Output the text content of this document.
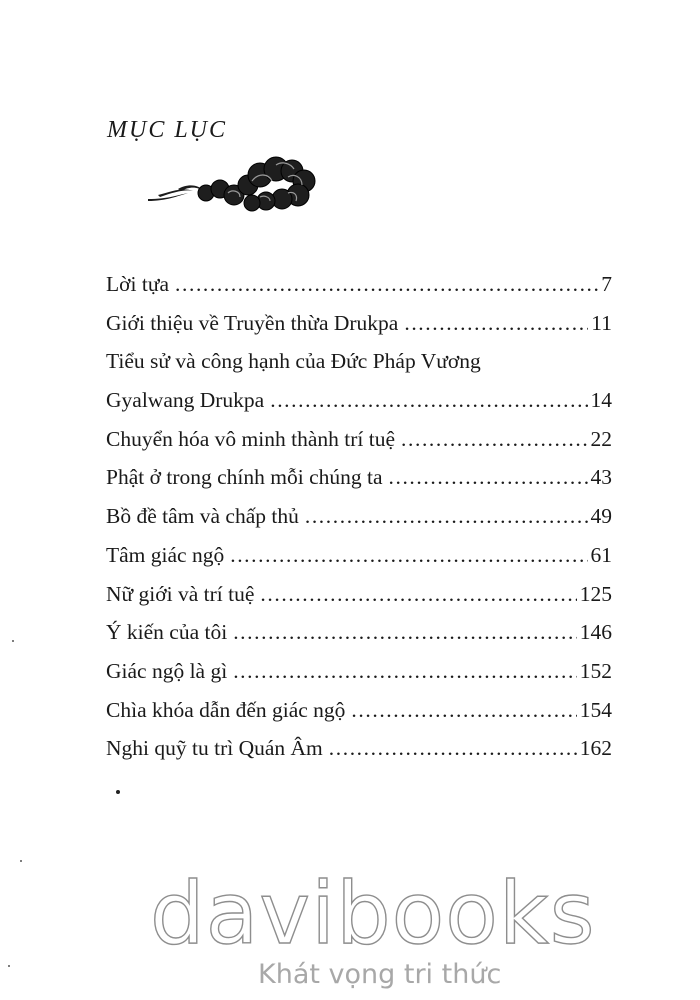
MỤC LỤC
Lời tựa .....	7
Giới thiệu về Truyền thừa Drukpa .....	11
Tiểu sử và công hạnh của Đức Pháp Vương
Gyalwang Drukpa .....	14
Chuyển hóa vô minh thành trí tuệ .....	22
Phật ở trong chính mỗi chúng ta .....	43
Bồ đề tâm và chấp thủ .....	49
Tâm giác ngộ .....	61
Nữ giới và trí tuệ .....	125
Ý kiến của tôi .....	146
Giác ngộ là gì .....	152
Chìa khóa dẫn đến giác ngộ .....	154
Nghi quỹ tu trì Quán Âm .....	162
davibooks
Khát vọng tri thức
